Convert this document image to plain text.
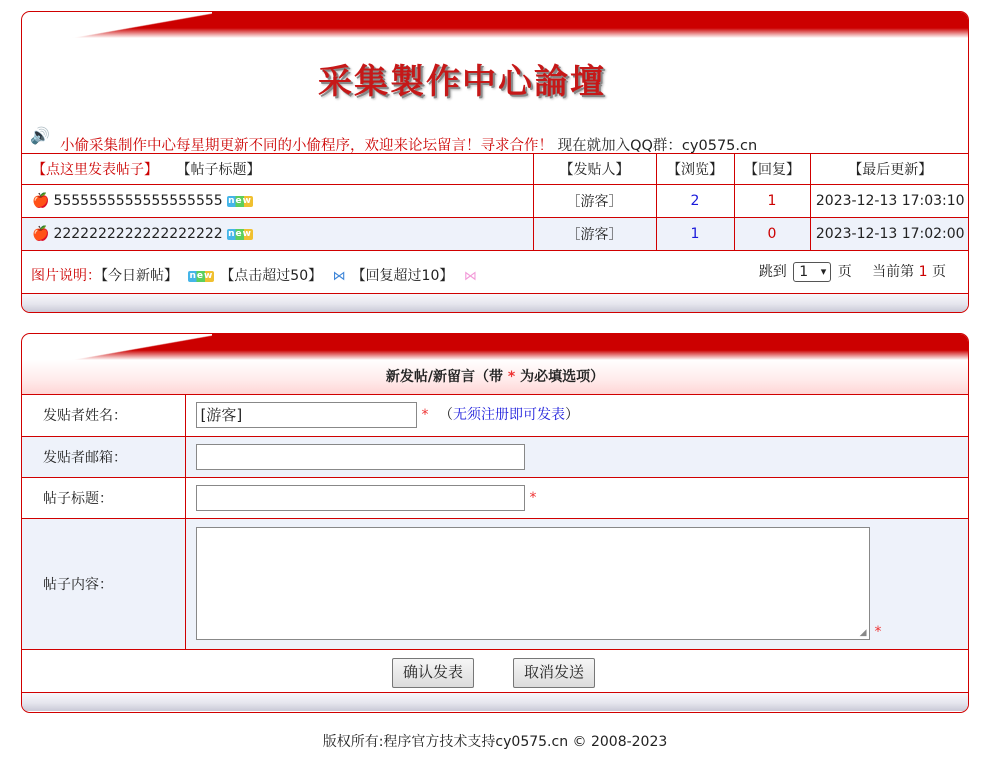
采集製作中心論壇
🔊
小偷采集制作中心每星期更新不同的小偷程序，欢迎来论坛留言！寻求合作！ 现在就加入QQ群：cy0575.cn
【点这里发表帖子】 【帖子标题】	【发贴人】	【浏览】	【回复】	【最后更新】
🍎 5555555555555555555 new	［游客］	2	1	2023-12-13 17:03:10
🍎 2222222222222222222 new	［游客］	1	0	2023-12-13 17:02:00
图片说明：【今日新帖】 new 【点击超过50】 ⋈ 【回复超过10】 ⋈	跳到 1 ▾ 页 当前第 1 页
新发帖/新留言（带 * 为必填选项）
发贴者姓名：	[游客] * （无须注册即可发表）
发贴者邮箱：	
帖子标题：	*
帖子内容：	◢ *
确认发表	取消发送
版权所有:程序官方技术支持cy0575.cn © 2008-2023
